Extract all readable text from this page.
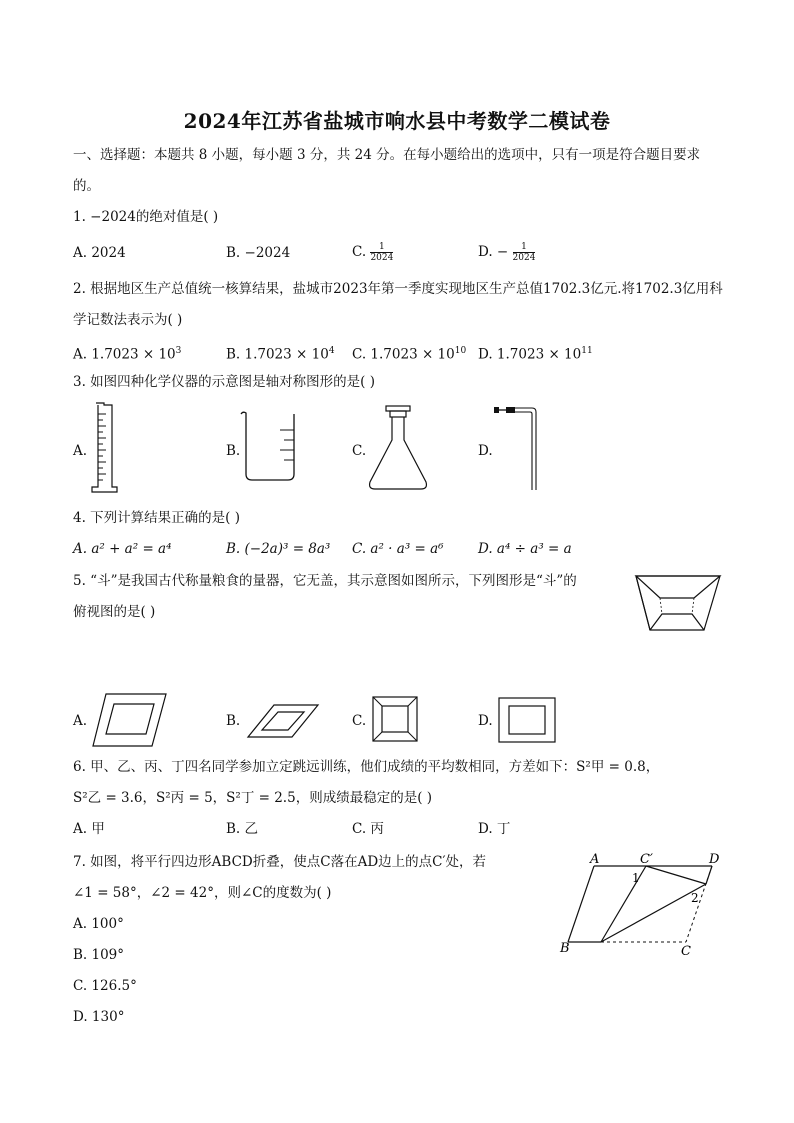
2024年江苏省盐城市响水县中考数学二模试卷
一、选择题：本题共 8 小题，每小题 3 分，共 24 分。在每小题给出的选项中，只有一项是符合题目要求
的。
1. −2024的绝对值是( )
A. 2024	B. −2024	C. $\frac{1}{2024}$	D. − $\frac{1}{2024}$
2. 根据地区生产总值统一核算结果，盐城市2023年第一季度实现地区生产总值1702.3亿元.将1702.3亿用科
学记数法表示为( )
A. $1.7023 \times 10^3$	B. $1.7023 \times 10^4$ C. $1.7023 \times 10^{10}$ D. $1.7023 \times 10^{11}$
3. 如图四种化学仪器的示意图是轴对称图形的是( )
A.	B.	C.	D.
4. 下列计算结果正确的是( )
A. a² + a² = a⁴	B. (−2a)³ = 8a³ C. a² · a³ = a⁶	D. a⁴ ÷ a³ = a
5. “斗”是我国古代称量粮食的量器，它无盖，其示意图如图所示，下列图形是“斗”的
俯视图的是( )
A.	B.	C.	D.
6. 甲、乙、丙、丁四名同学参加立定跳远训练，他们成绩的平均数相同，方差如下：S²甲 = 0.8，
S²乙 = 3.6，S²丙 = 5，S²丁 = 2.5，则成绩最稳定的是( )
A. 甲	B. 乙	C. 丙	D. 丁
7. 如图，将平行四边形ABCD折叠，使点C落在AD边上的点C′处，若
∠1 = 58°，∠2 = 42°，则∠C的度数为( )
A. 100°
B. 109°
C. 126.5°
D. 130°
A	C′	D
B	C
1
2
